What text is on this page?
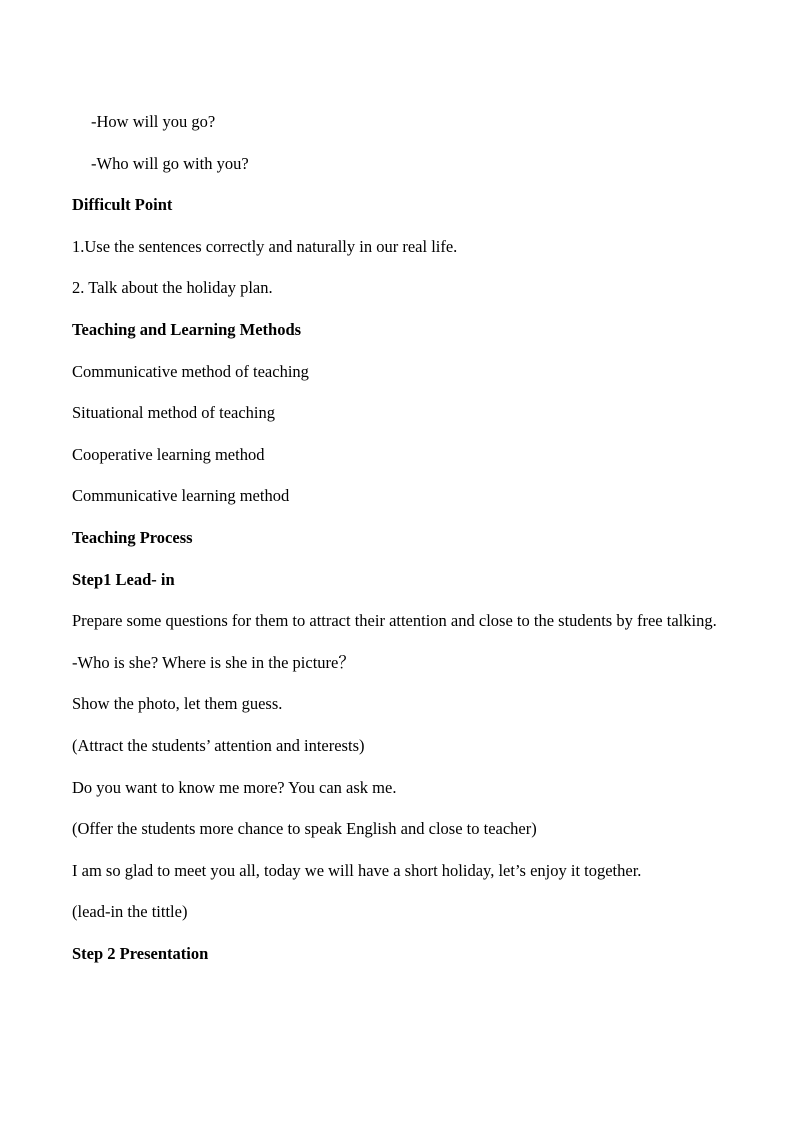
-How will you go?
-Who will go with you?
Difficult Point
1.Use the sentences correctly and naturally in our real life.
2. Talk about the holiday plan.
Teaching and Learning Methods
Communicative method of teaching
Situational method of teaching
Cooperative learning method
Communicative learning method
Teaching Process
Step1 Lead- in
Prepare some questions for them to attract their attention and close to the students by free talking.
-Who is she? Where is she in the picture？
Show the photo, let them guess.
(Attract the students’ attention and interests)
Do you want to know me more? You can ask me.
(Offer the students more chance to speak English and close to teacher)
I am so glad to meet you all, today we will have a short holiday, let’s enjoy it together.
(lead-in the tittle)
Step 2 Presentation
